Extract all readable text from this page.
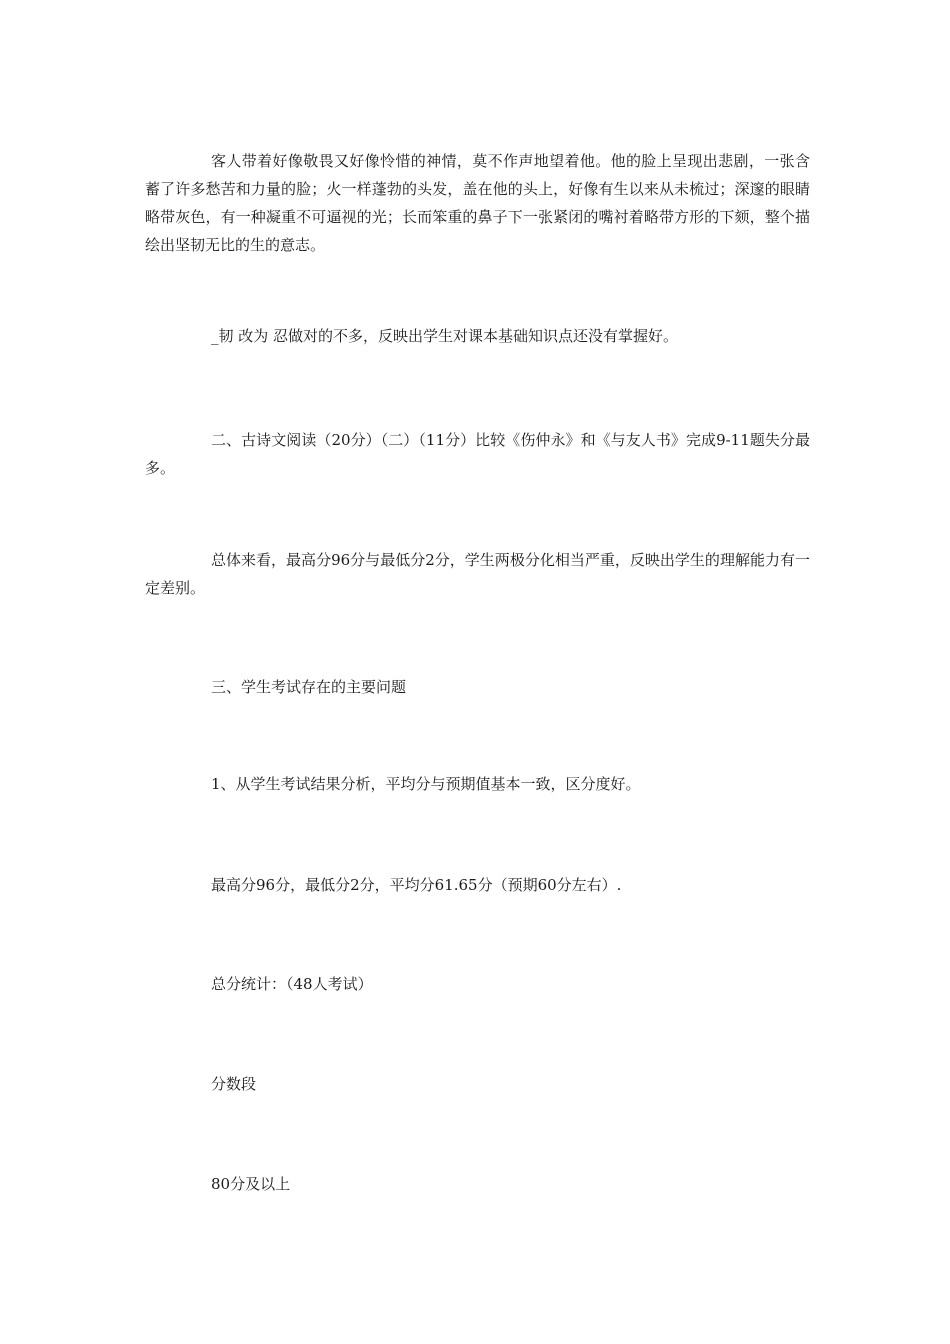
客人带着好像敬畏又好像怜惜的神情，莫不作声地望着他。他的脸上呈现出悲剧，一张含蓄了许多愁苦和力量的脸；火一样蓬勃的头发，盖在他的头上，好像有生以来从未梳过；深邃的眼睛略带灰色，有一种凝重不可逼视的光；长而笨重的鼻子下一张紧闭的嘴衬着略带方形的下颏，整个描绘出坚韧无比的生的意志。

_韧 改为 忍做对的不多，反映出学生对课本基础知识点还没有掌握好。

二、古诗文阅读（20分）（二）（11分）比较《伤仲永》和《与友人书》完成9-11题失分最多。

总体来看，最高分96分与最低分2分，学生两极分化相当严重，反映出学生的理解能力有一定差别。

三、学生考试存在的主要问题

1、从学生考试结果分析，平均分与预期值基本一致，区分度好。

最高分96分，最低分2分，平均分61.65分（预期60分左右）.

总分统计：（48人考试）

分数段

80分及以上
